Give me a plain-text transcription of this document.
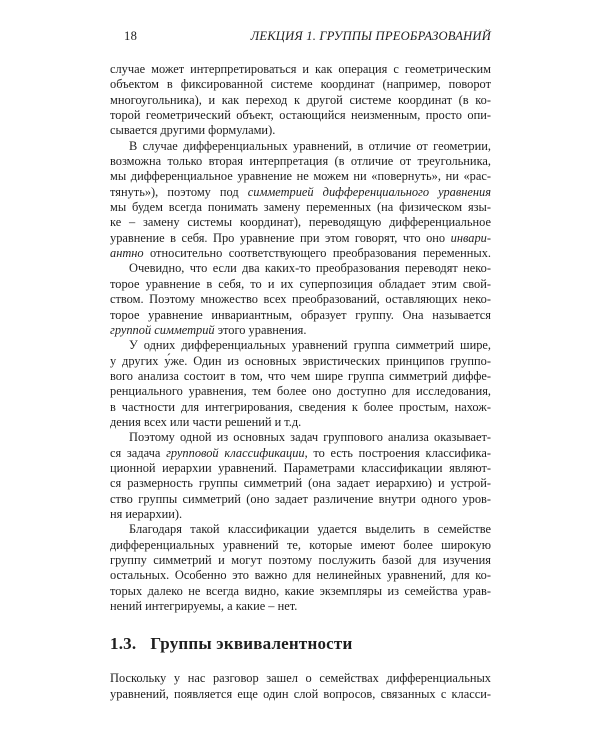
18	ЛЕКЦИЯ 1. ГРУППЫ ПРЕОБРАЗОВАНИЙ
случае может интерпретироваться и как операция с геометрическим
объектом в фиксированной системе координат (например, поворот
многоугольника), и как переход к другой системе координат (в ко-
торой геометрический объект, остающийся неизменным, просто опи-
сывается другими формулами).
В случае дифференциальных уравнений, в отличие от геометрии,
возможна только вторая интерпретация (в отличие от треугольника,
мы дифференциальное уравнение не можем ни «повернуть», ни «рас-
тянуть»), поэтому под симметрией дифференциального уравнения
мы будем всегда понимать замену переменных (на физическом язы-
ке – замену системы координат), переводящую дифференциальное
уравнение в себя. Про уравнение при этом говорят, что оно инвари-
антно относительно соответствующего преобразования переменных.
Очевидно, что если два каких-то преобразования переводят неко-
торое уравнение в себя, то и их суперпозиция обладает этим свой-
ством. Поэтому множество всех преобразований, оставляющих неко-
торое уравнение инвариантным, образует группу. Она называется
группой симметрий этого уравнения.
У одних дифференциальных уравнений группа симметрий шире,
у других у́же. Один из основных эвристических принципов группо-
вого анализа состоит в том, что чем шире группа симметрий диффе-
ренциального уравнения, тем более оно доступно для исследования,
в частности для интегрирования, сведения к более простым, нахож-
дения всех или части решений и т.д.
Поэтому одной из основных задач группового анализа оказывает-
ся задача групповой классификации, то есть построения классифика-
ционной иерархии уравнений. Параметрами классификации являют-
ся размерность группы симметрий (она задает иерархию) и устрой-
ство группы симметрий (оно задает различение внутри одного уров-
ня иерархии).
Благодаря такой классификации удается выделить в семействе
дифференциальных уравнений те, которые имеют более широкую
группу симметрий и могут поэтому послужить базой для изучения
остальных. Особенно это важно для нелинейных уравнений, для ко-
торых далеко не всегда видно, какие экземпляры из семейства урав-
нений интегрируемы, а какие – нет.
1.3. Группы эквивалентности
Поскольку у нас разговор зашел о семействах дифференциальных
уравнений, появляется еще один слой вопросов, связанных с класси-
